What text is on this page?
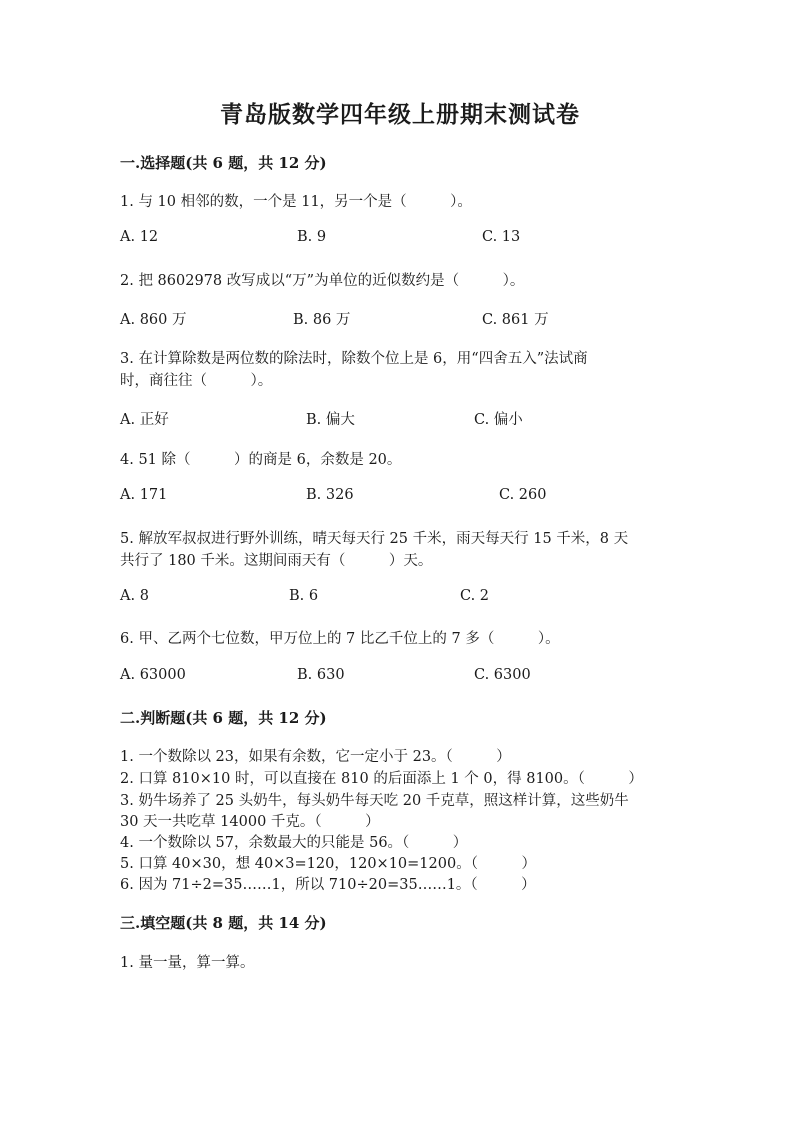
青岛版数学四年级上册期末测试卷
一.选择题(共 6 题，共 12 分)
1. 与 10 相邻的数，一个是 11，另一个是（　　　）。
A. 12	B. 9	C. 13
2. 把 8602978 改写成以“万”为单位的近似数约是（　　　）。
A. 860 万	B. 86 万	C. 861 万
3. 在计算除数是两位数的除法时，除数个位上是 6，用“四舍五入”法试商
时，商往往（　　　）。
A. 正好	B. 偏大	C. 偏小
4. 51 除（　　　）的商是 6，余数是 20。
A. 171	B. 326	C. 260
5. 解放军叔叔进行野外训练，晴天每天行 25 千米，雨天每天行 15 千米，8 天
共行了 180 千米。这期间雨天有（　　　）天。
A. 8	B. 6	C. 2
6. 甲、乙两个七位数，甲万位上的 7 比乙千位上的 7 多（　　　）。
A. 63000	B. 630	C. 6300
二.判断题(共 6 题，共 12 分)
1. 一个数除以 23，如果有余数，它一定小于 23。（　　　）
2. 口算 810×10 时，可以直接在 810 的后面添上 1 个 0，得 8100。（　　　）
3. 奶牛场养了 25 头奶牛，每头奶牛每天吃 20 千克草，照这样计算，这些奶牛
30 天一共吃草 14000 千克。（　　　）
4. 一个数除以 57，余数最大的只能是 56。（　　　）
5. 口算 40×30，想 40×3=120，120×10=1200。（　　　）
6. 因为 71÷2=35……1，所以 710÷20=35……1。（　　　）
三.填空题(共 8 题，共 14 分)
1. 量一量，算一算。
